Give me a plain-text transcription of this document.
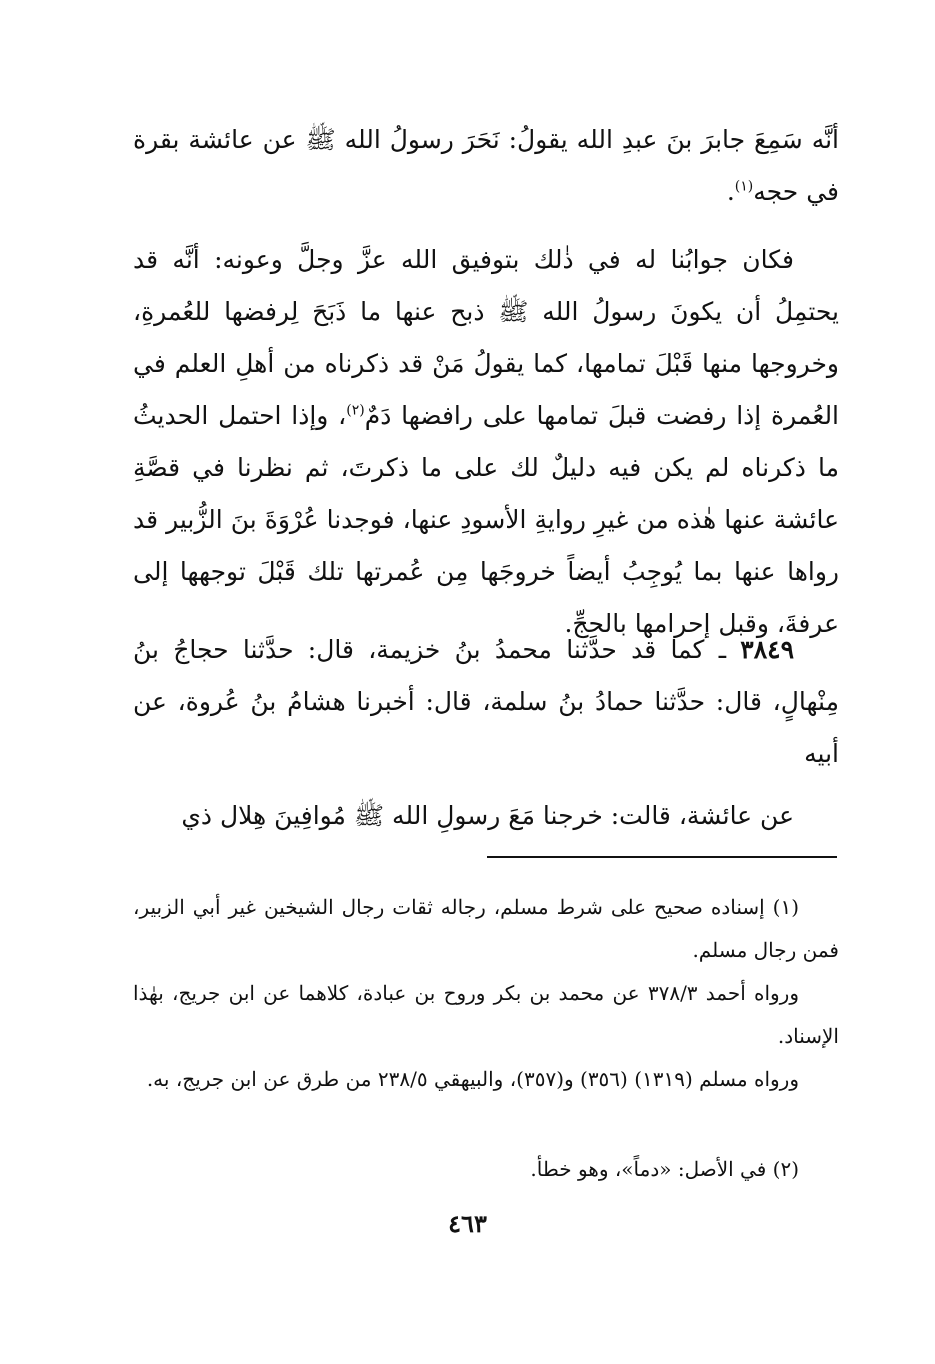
أنَّه سَمِعَ جابرَ بنَ عبدِ الله يقولُ: نَحَرَ رسولُ الله ﷺ عن عائشة بقرة في حجه$^{(١)}$.
فكان جوابُنا له في ذٰلك بتوفيق الله عزَّ وجلَّ وعونه: أنَّه قد يحتمِلُ أن يكونَ رسولُ الله ﷺ ذبح عنها ما ذَبَحَ لِرفضها للعُمرةِ، وخروجها منها قَبْلَ تمامها، كما يقولُ مَنْ قد ذكرناه من أهلِ العلم في العُمرة إذا رفضت قبلَ تمامها على رافضها دَمٌ$^{(٢)}$، وإذا احتمل الحديثُ ما ذكرناه لم يكن فيه دليلٌ لك على ما ذكرتَ، ثم نظرنا في قصَّةِ عائشة عنها هٰذه من غيرِ روايةِ الأسودِ عنها، فوجدنا عُرْوَةَ بنَ الزُّبير قد رواها عنها بما يُوجِبُ أيضاً خروجَها مِن عُمرتها تلك قَبْلَ توجهها إلى عرفةَ، وقبل إحرامها بالحجِّ.
٣٨٤٩ ـ كما قد حدَّثنا محمدُ بنُ خزيمة، قال: حدَّثنا حجاجُ بنُ مِنْهالٍ، قال: حدَّثنا حمادُ بنُ سلمة، قال: أخبرنا هشامُ بنُ عُروة، عن أبيه
عن عائشة، قالت: خرجنا مَعَ رسولِ الله ﷺ مُوافِينَ هِلال ذي
(١) إسناده صحيح على شرط مسلم، رجاله ثقات رجال الشيخين غير أبي الزبير، فمن رجال مسلم.
ورواه أحمد ٣٧٨/٣ عن محمد بن بكر وروح بن عبادة، كلاهما عن ابن جريج، بهٰذا الإسناد.
ورواه مسلم (١٣١٩) (٣٥٦) و(٣٥٧)، والبيهقي ٢٣٨/٥ من طرق عن ابن جريج، به.
(٢) في الأصل: «دماً»، وهو خطأ.
٤٦٣
